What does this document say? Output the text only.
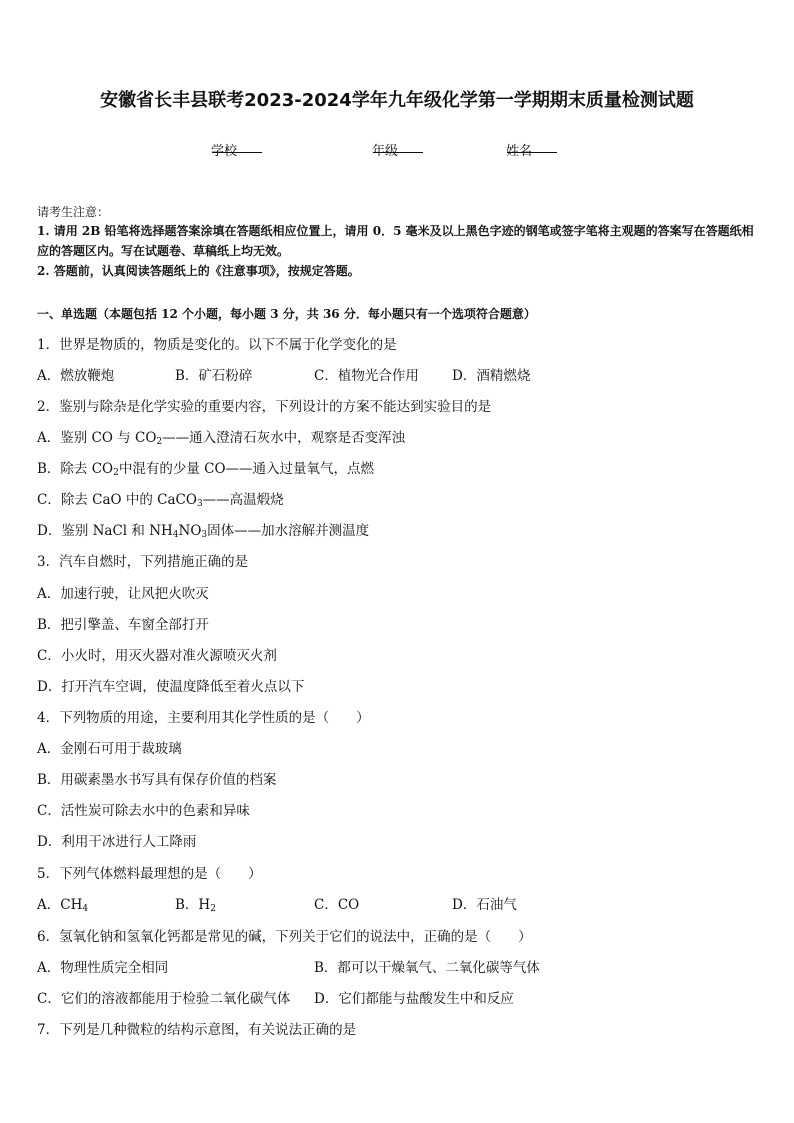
安徽省长丰县联考2023-2024学年九年级化学第一学期期末质量检测试题
学校	年级	姓名
请考生注意：
1. 请用 2B 铅笔将选择题答案涂填在答题纸相应位置上，请用 0．5 毫米及以上黑色字迹的钢笔或签字笔将主观题的答案写在答题纸相应的答题区内。写在试题卷、草稿纸上均无效。
2. 答题前，认真阅读答题纸上的《注意事项》，按规定答题。
一、单选题（本题包括 12 个小题，每小题 3 分，共 36 分．每小题只有一个选项符合题意）
1．世界是物质的，物质是变化的。以下不属于化学变化的是
A．燃放鞭炮	B．矿石粉碎	C．植物光合作用 D．酒精燃烧
2．鉴别与除杂是化学实验的重要内容，下列设计的方案不能达到实验目的是
A．鉴别 CO 与 $CO_2——$通入澄清石灰水中，观察是否变浑浊
B．除去 $CO_2$中混有的少量 CO——通入过量氧气，点燃
C．除去 CaO 中的 CaCO$_3$——高温煅烧
D．鉴别 NaCl 和 $NH_4NO_3$固体——加水溶解并测温度
3．汽车自燃时，下列措施正确的是
A．加速行驶，让风把火吹灭
B．把引擎盖、车窗全部打开
C．小火时，用灭火器对准火源喷灭火剂
D．打开汽车空调，使温度降低至着火点以下
4．下列物质的用途，主要利用其化学性质的是（　　）
A．金刚石可用于裁玻璃
B．用碳素墨水书写具有保存价值的档案
C．活性炭可除去水中的色素和异味
D．利用干冰进行人工降雨
5．下列气体燃料最理想的是（　　）
A．$CH_4$	B．$H_2$	C．CO	D．石油气
6．氢氧化钠和氢氧化钙都是常见的碱，下列关于它们的说法中，正确的是（　　）
A．物理性质完全相同	B．都可以干燥氧气、二氧化碳等气体
C．它们的溶液都能用于检验二氧化碳气体 D．它们都能与盐酸发生中和反应
7．下列是几种微粒的结构示意图，有关说法正确的是
